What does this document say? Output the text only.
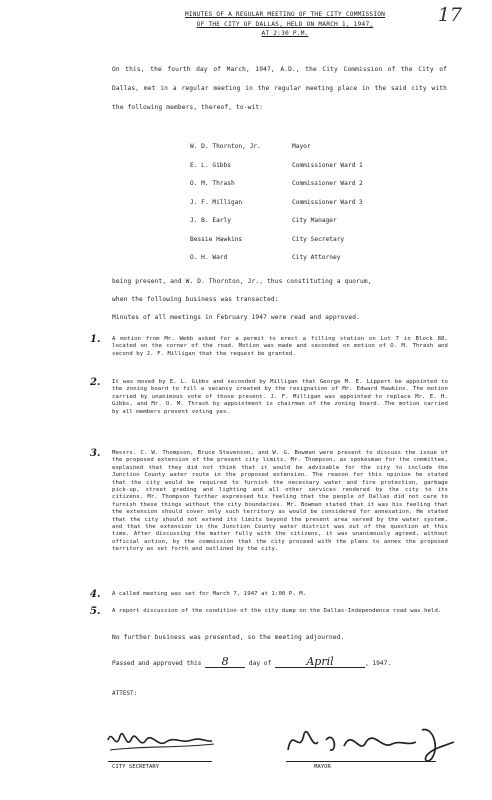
17
MINUTES OF A REGULAR MEETING OF THE CITY COMMISSION
OF THE CITY OF DALLAS, HELD ON MARCH 1, 1947,
AT 2:30 P.M.
On this, the fourth day of March, 1947, A.D., the City Commission of the City of Dallas, met in a regular meeting in the regular meeting place in the said city with the following members, thereof, to-wit:
W. D. Thornton, Jr.	Mayor
E. L. Gibbs	Commissioner Ward 1
O. M. Thrash	Commissioner Ward 2
J. F. Milligan	Commissioner Ward 3
J. B. Early	City Manager
Bessie Hawkins	City Secretary
O. H. Ward	City Attorney
being present, and W. D. Thornton, Jr., thus constituting a quorum,
when the following business was transacted:
Minutes of all meetings in February 1947 were read and approved.
1. A motion from Mr. Webb asked for a permit to erect a filling station on Lot 7 in Block 88, located on the corner of the road. Motion was made and seconded on motion of O. M. Thrash and second by J. F. Milligan that the request be granted.
2. It was moved by E. L. Gibbs and seconded by Milligan that George M. E. Lippert be appointed to the zoning board to fill a vacancy created by the resignation of Mr. Edward Hawkins. The motion carried by unanimous vote of those present. J. F. Milligan was appointed to replace Mr. E. H. Gibbs, and Mr. O. M. Thrash by appointment is chairman of the zoning board. The motion carried by all members present voting yes.
3. Messrs. C. W. Thompson, Bruce Stevenson, and W. G. Bowman were present to discuss the issue of the proposed extension of the present city limits. Mr. Thompson, as spokesman for the committee, explained that they did not think that it would be advisable for the city to include the Junction County water route in the proposed extension. The reason for this opinion he stated that the city would be required to furnish the necessary water and fire protection, garbage pick-up, street grading and lighting and all other services rendered by the city to its citizens. Mr. Thompson further expressed his feeling that the people of Dallas did not care to furnish these things without the city boundaries. Mr. Bowman stated that it was his feeling that the extension should cover only such territory as would be considered for annexation. He stated that the city should not extend its limits beyond the present area served by the water system, and that the extension in the Junction County water district was out of the question at this time. After discussing the matter fully with the citizens, it was unanimously agreed, without official action, by the commission that the city proceed with the plans to annex the proposed territory as set forth and outlined by the city.
4. A called meeting was set for March 7, 1947 at 1:00 P. M.
5. A report discussion of the condition of the city dump on the Dallas-Independence road was held.
No further business was presented, so the meeting adjourned.
Passed and approved this 8	day of	April	, 1947.
ATTEST:
CITY SECRETARY	MAYOR
